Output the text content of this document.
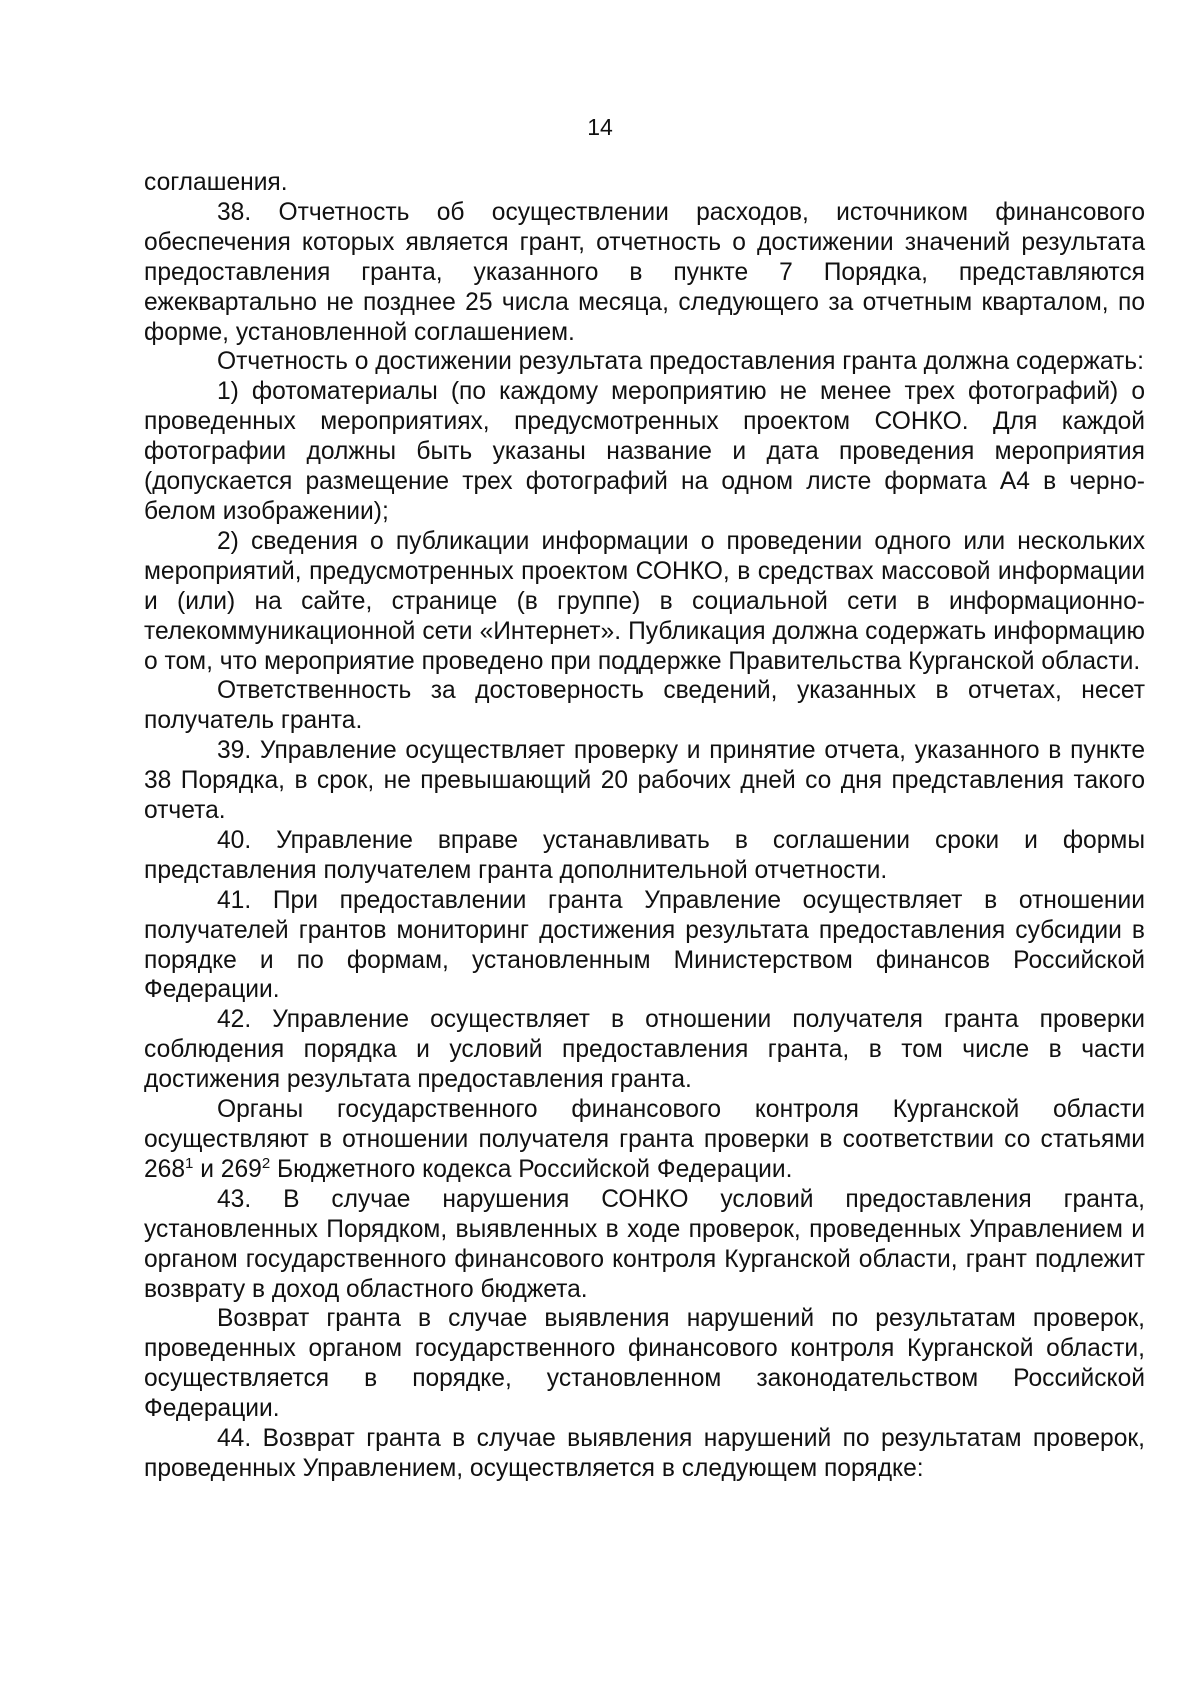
14

соглашения.

38. Отчетность об осуществлении расходов, источником финансового обеспечения которых является грант, отчетность о достижении значений результата предоставления гранта, указанного в пункте 7 Порядка, представляются ежеквартально не позднее 25 числа месяца, следующего за отчетным кварталом, по форме, установленной соглашением.

Отчетность о достижении результата предоставления гранта должна содержать:

1) фотоматериалы (по каждому мероприятию не менее трех фотографий) о проведенных мероприятиях, предусмотренных проектом СОНКО. Для каждой фотографии должны быть указаны название и дата проведения мероприятия (допускается размещение трех фотографий на одном листе формата А4 в черно-белом изображении);

2) сведения о публикации информации о проведении одного или нескольких мероприятий, предусмотренных проектом СОНКО, в средствах массовой информации и (или) на сайте, странице (в группе) в социальной сети в информационно-телекоммуникационной сети «Интернет». Публикация должна содержать информацию о том, что мероприятие проведено при поддержке Правительства Курганской области.

Ответственность за достоверность сведений, указанных в отчетах, несет получатель гранта.

39. Управление осуществляет проверку и принятие отчета, указанного в пункте 38 Порядка, в срок, не превышающий 20 рабочих дней со дня представления такого отчета.

40. Управление вправе устанавливать в соглашении сроки и формы представления получателем гранта дополнительной отчетности.

41. При предоставлении гранта Управление осуществляет в отношении получателей грантов мониторинг достижения результата предоставления субсидии в порядке и по формам, установленным Министерством финансов Российской Федерации.

42. Управление осуществляет в отношении получателя гранта проверки соблюдения порядка и условий предоставления гранта, в том числе в части достижения результата предоставления гранта.

Органы государственного финансового контроля Курганской области осуществляют в отношении получателя гранта проверки в соответствии со статьями $268^1$ и $269^2$ Бюджетного кодекса Российской Федерации.

43. В случае нарушения СОНКО условий предоставления гранта, установленных Порядком, выявленных в ходе проверок, проведенных Управлением и органом государственного финансового контроля Курганской области, грант подлежит возврату в доход областного бюджета.

Возврат гранта в случае выявления нарушений по результатам проверок, проведенных органом государственного финансового контроля Курганской области, осуществляется в порядке, установленном законодательством Российской Федерации.

44. Возврат гранта в случае выявления нарушений по результатам проверок, проведенных Управлением, осуществляется в следующем порядке:
